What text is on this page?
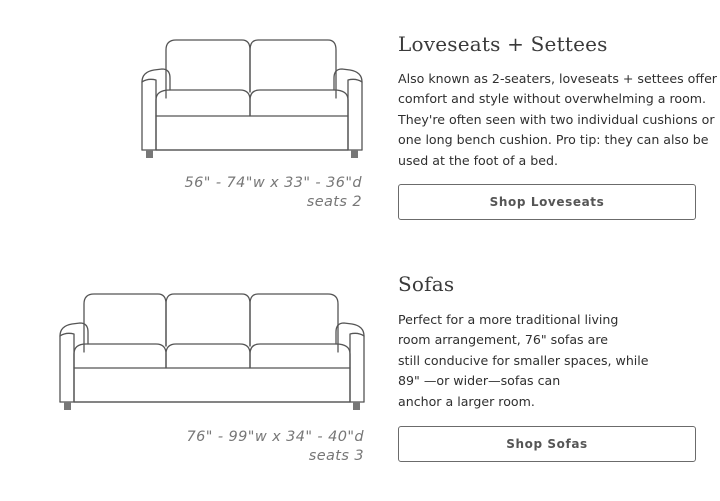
56" - 74"w x 33" - 36"d
seats 2
Loveseats + Settees

Also known as 2-seaters, loveseats + settees offer
comfort and style without overwhelming a room.
They're often seen with two individual cushions or
one long bench cushion. Pro tip: they can also be
used at the foot of a bed.

Shop Loveseats
76" - 99"w x 34" - 40"d
seats 3
Sofas

Perfect for a more traditional living
room arrangement, 76" sofas are
still conducive for smaller spaces, while
89" —or wider—sofas can
anchor a larger room.

Shop Sofas
